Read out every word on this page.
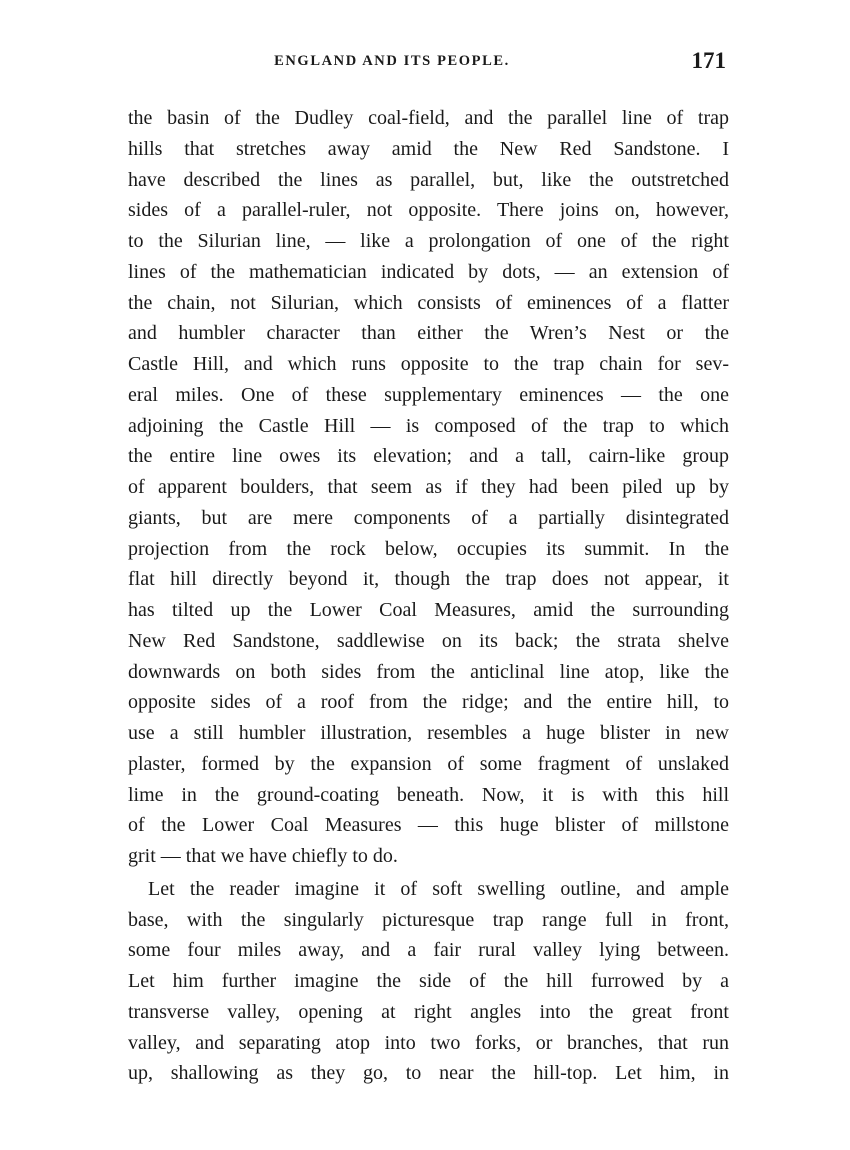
ENGLAND AND ITS PEOPLE.	171
the basin of the Dudley coal-field, and the parallel line of trap
hills that stretches away amid the New Red Sandstone. I
have described the lines as parallel, but, like the outstretched
sides of a parallel-ruler, not opposite. There joins on, however,
to the Silurian line, — like a prolongation of one of the right
lines of the mathematician indicated by dots, — an extension of
the chain, not Silurian, which consists of eminences of a flatter
and humbler character than either the Wren’s Nest or the
Castle Hill, and which runs opposite to the trap chain for sev-
eral miles. One of these supplementary eminences — the one
adjoining the Castle Hill — is composed of the trap to which
the entire line owes its elevation; and a tall, cairn-like group
of apparent boulders, that seem as if they had been piled up by
giants, but are mere components of a partially disintegrated
projection from the rock below, occupies its summit. In the
flat hill directly beyond it, though the trap does not appear, it
has tilted up the Lower Coal Measures, amid the surrounding
New Red Sandstone, saddlewise on its back; the strata shelve
downwards on both sides from the anticlinal line atop, like the
opposite sides of a roof from the ridge; and the entire hill, to
use a still humbler illustration, resembles a huge blister in new
plaster, formed by the expansion of some fragment of unslaked
lime in the ground-coating beneath. Now, it is with this hill
of the Lower Coal Measures — this huge blister of millstone
grit — that we have chiefly to do.
Let the reader imagine it of soft swelling outline, and ample
base, with the singularly picturesque trap range full in front,
some four miles away, and a fair rural valley lying between.
Let him further imagine the side of the hill furrowed by a
transverse valley, opening at right angles into the great front
valley, and separating atop into two forks, or branches, that run
up, shallowing as they go, to near the hill-top. Let him, in
